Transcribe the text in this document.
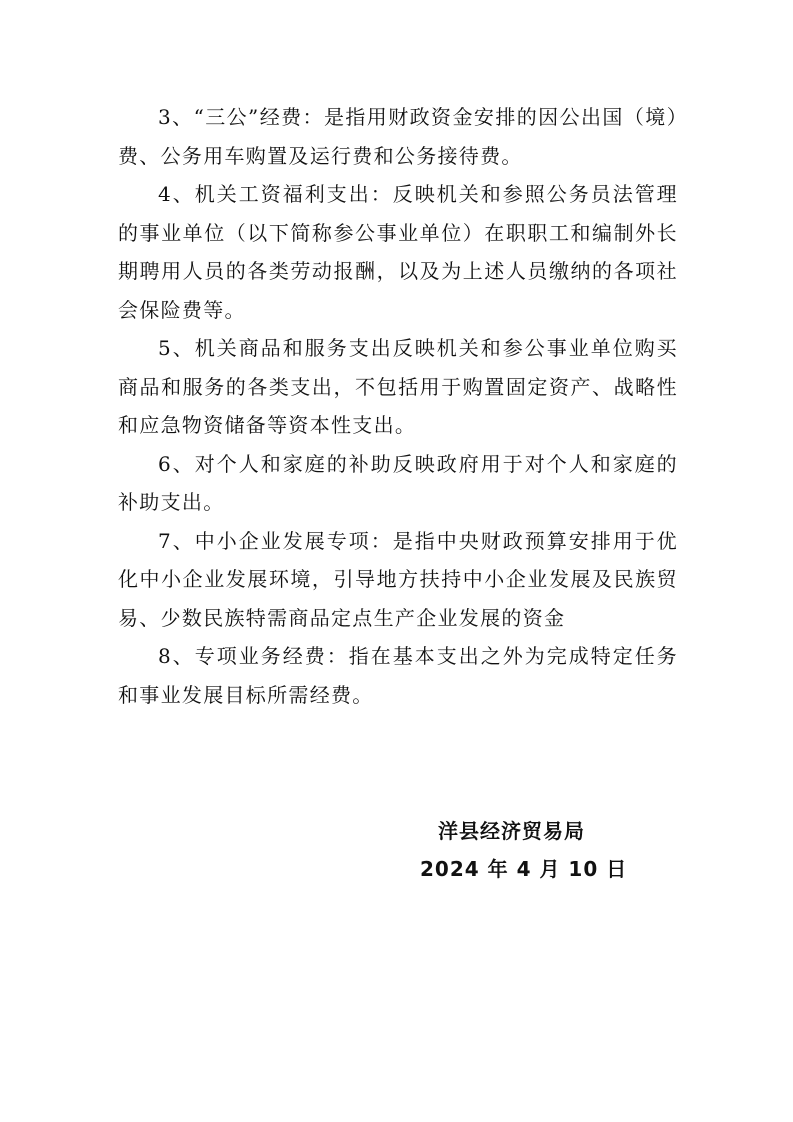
3、“三公”经费：是指用财政资金安排的因公出国（境）费、公务用车购置及运行费和公务接待费。

4、机关工资福利支出：反映机关和参照公务员法管理的事业单位（以下简称参公事业单位）在职职工和编制外长期聘用人员的各类劳动报酬，以及为上述人员缴纳的各项社会保险费等。

5、机关商品和服务支出反映机关和参公事业单位购买商品和服务的各类支出，不包括用于购置固定资产、战略性和应急物资储备等资本性支出。

6、对个人和家庭的补助反映政府用于对个人和家庭的补助支出。

7、中小企业发展专项：是指中央财政预算安排用于优化中小企业发展环境，引导地方扶持中小企业发展及民族贸易、少数民族特需商品定点生产企业发展的资金

8、专项业务经费：指在基本支出之外为完成特定任务和事业发展目标所需经费。

洋县经济贸易局
2024 年 4 月 10 日
